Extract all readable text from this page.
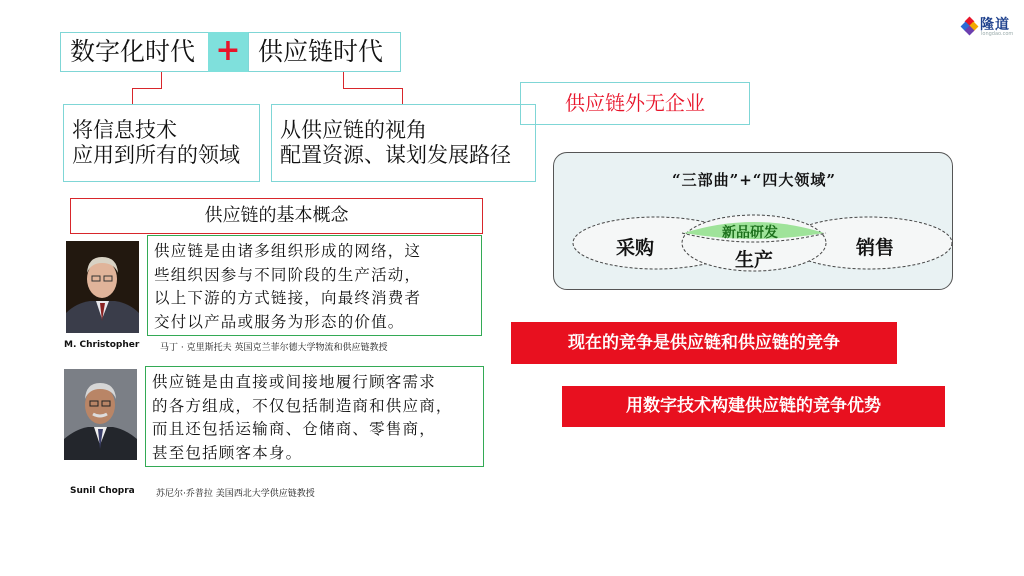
隆道
longdao.com
数字化时代 + 供应链时代
将信息技术
应用到所有的领域
从供应链的视角
配置资源、谋划发展路径
供应链外无企业
供应链的基本概念
供应链是由诸多组织形成的网络，这
些组织因参与不同阶段的生产活动，
以上下游的方式链接，向最终消费者
交付以产品或服务为形态的价值。
M. Christopher 马丁 · 克里斯托夫 英国克兰菲尔德大学物流和供应链教授
供应链是由直接或间接地履行顾客需求
的各方组成，不仅包括制造商和供应商，
而且还包括运输商、仓储商、零售商，
甚至包括顾客本身。
Sunil Chopra 苏尼尔·乔普拉 美国西北大学供应链教授
“三部曲”+“四大领域”
采购
新品研发
生产
销售
现在的竞争是供应链和供应链的竞争
用数字技术构建供应链的竞争优势
